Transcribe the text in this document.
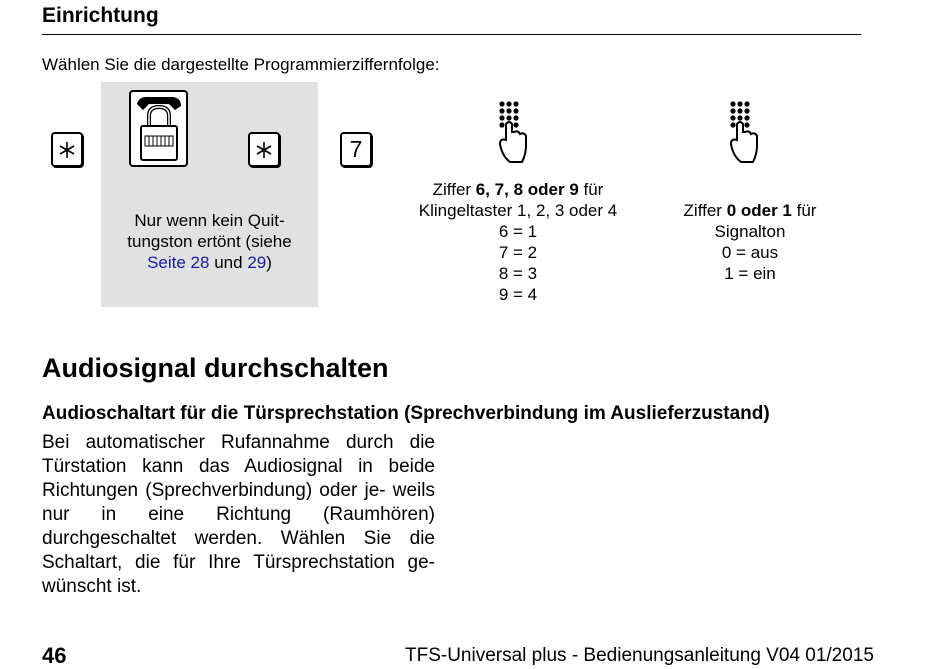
Einrichtung
Wählen Sie die dargestellte Programmierziffernfolge:
7
Nur wenn kein Quit-
tungston ertönt (siehe
Seite 28 und 29)
Ziffer 6, 7, 8 oder 9 für
Klingeltaster 1, 2, 3 oder 4
6 = 1
7 = 2
8 = 3
9 = 4
Ziffer 0 oder 1 für
Signalton
0 = aus
1 = ein
Audiosignal durchschalten
Audioschaltart für die Türsprechstation (Sprechverbindung im Auslieferzustand)
Bei automatischer Rufannahme durch die Türstation kann das Audiosignal in beide Richtungen (Sprechverbindung) oder je- weils nur in eine Richtung (Raumhören) durchgeschaltet werden. Wählen Sie die Schaltart, die für Ihre Türsprechstation ge- wünscht ist.
46	TFS-Universal plus - Bedienungsanleitung V04 01/2015
